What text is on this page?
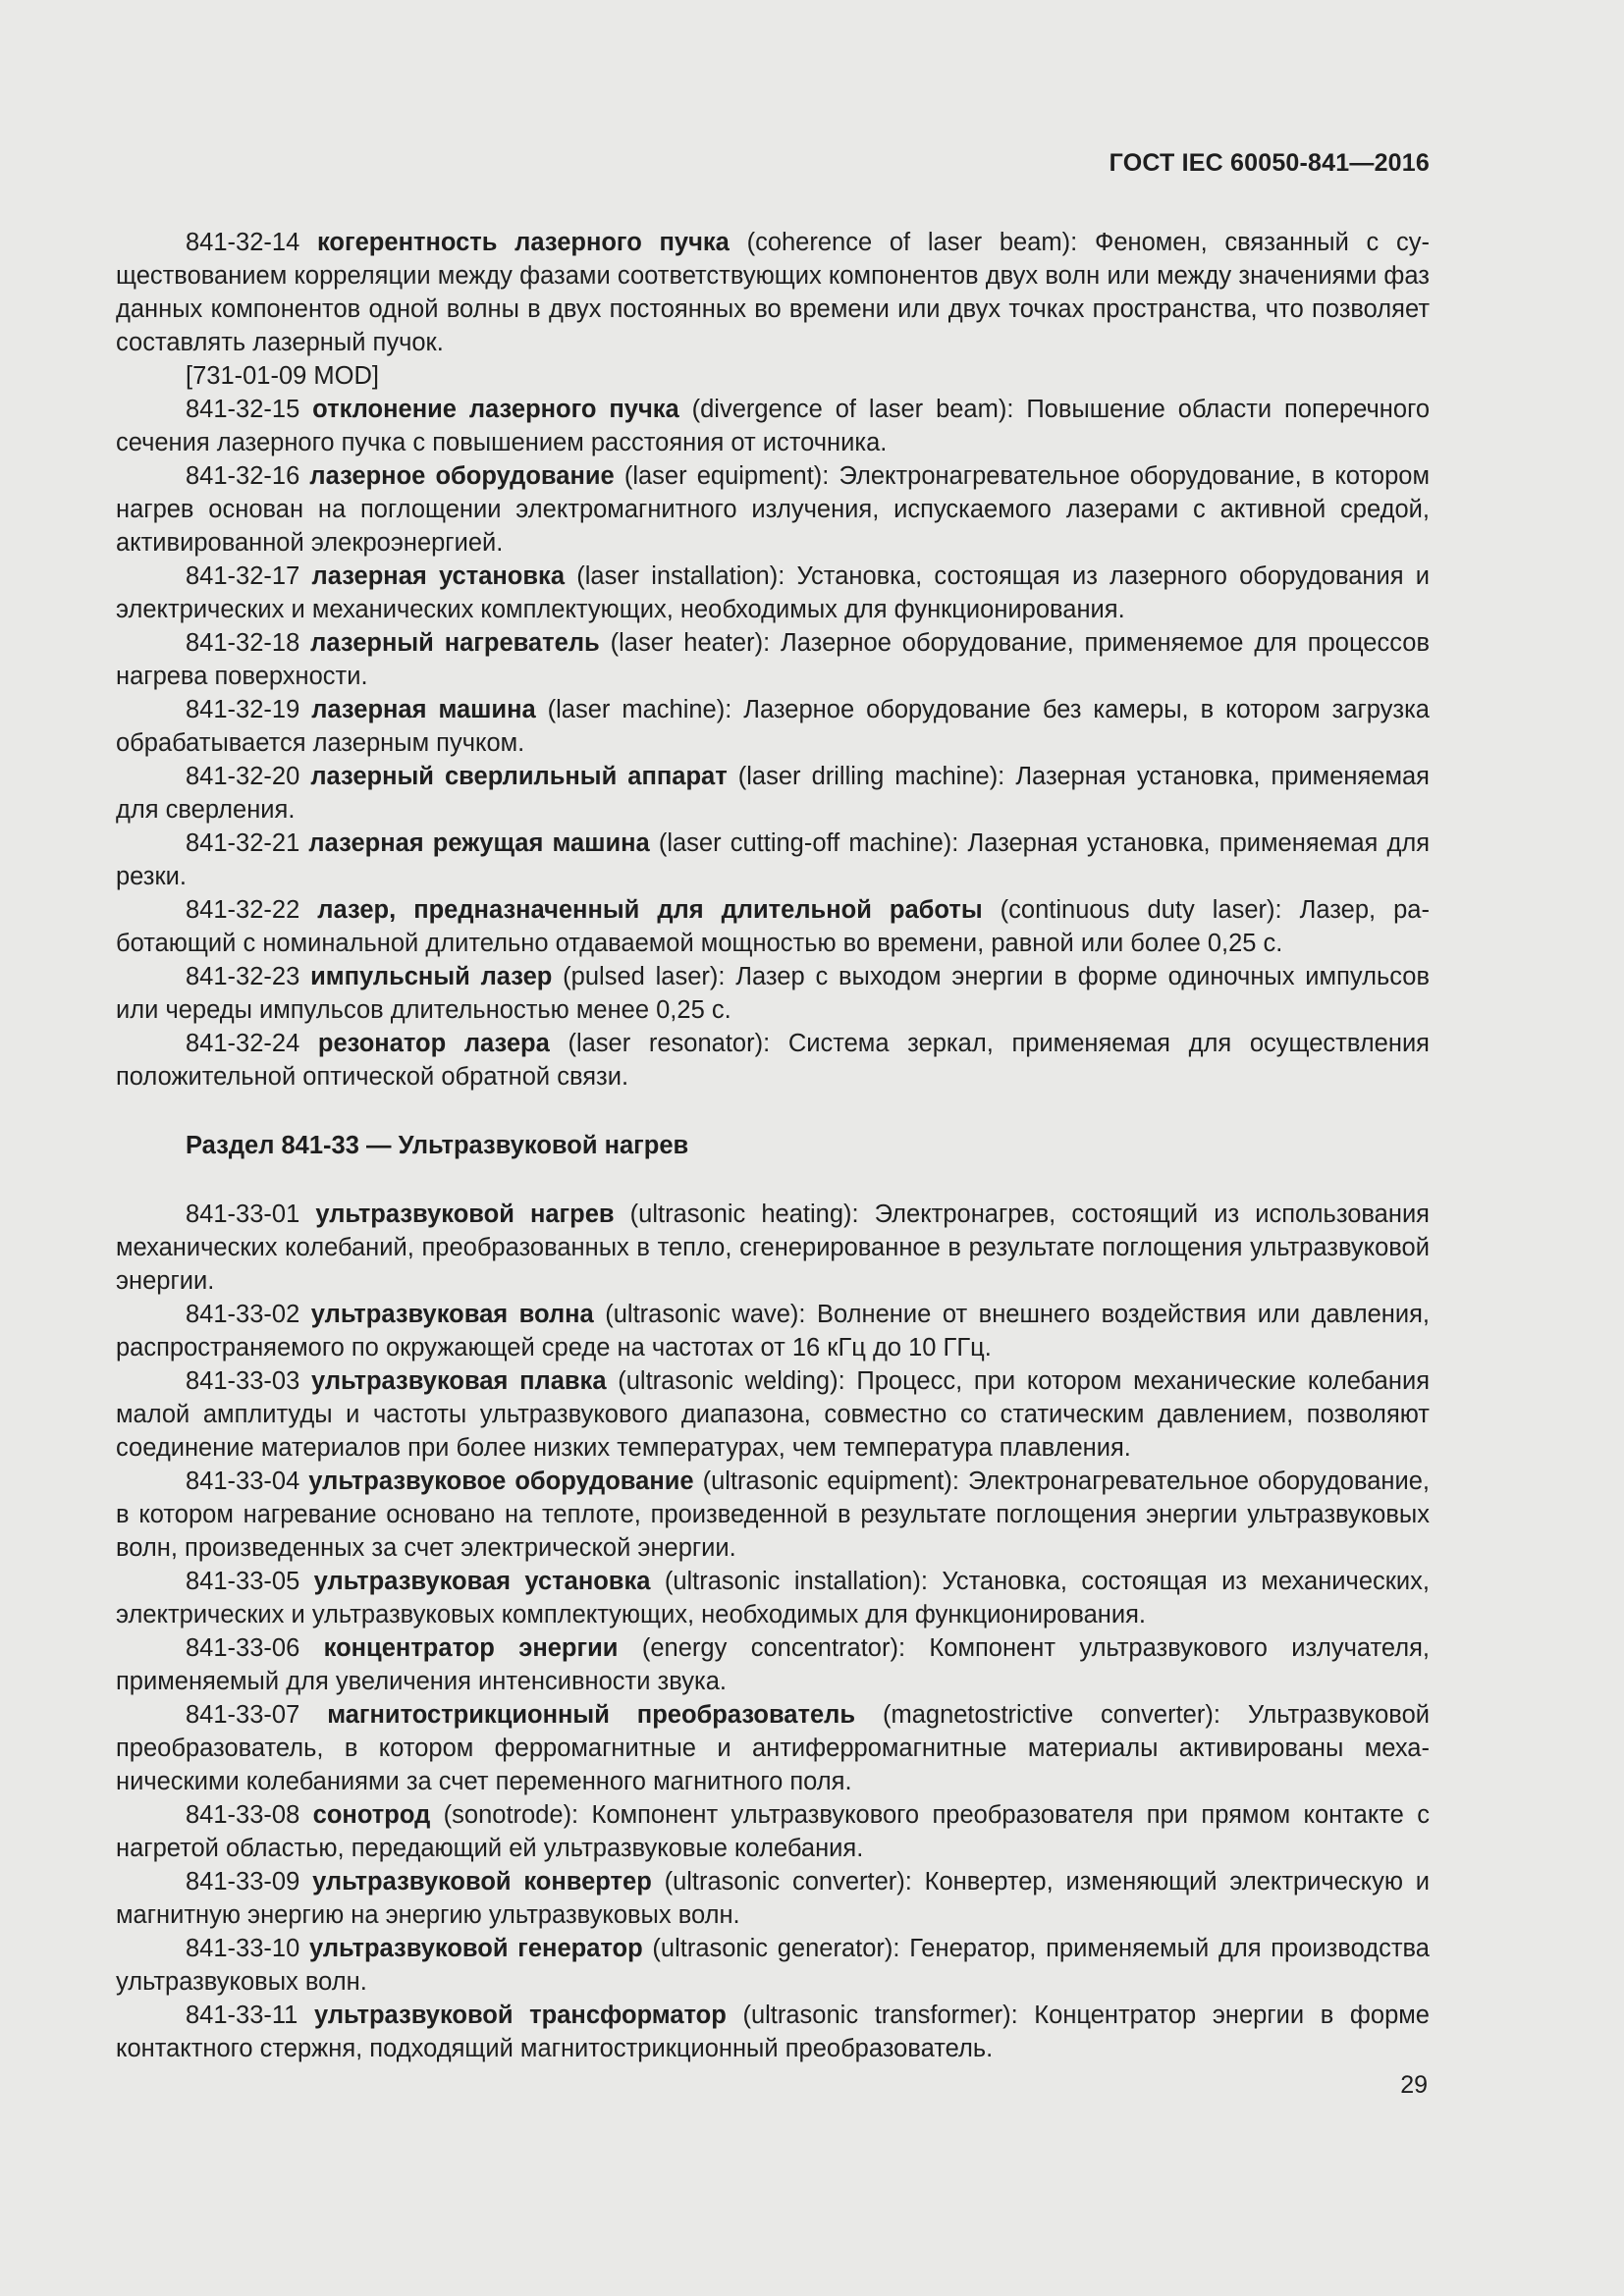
ГОСТ IEC 60050-841—2016

841-32-14 когерентность лазерного пучка (coherence of laser beam): Феномен, связанный с существованием корреляции между фазами соответствующих компонентов двух волн или между значениями фаз данных компонентов одной волны в двух постоянных во времени или двух точках пространства, что позволяет составлять лазерный пучок.

[731-01-09 MOD]

841-32-15 отклонение лазерного пучка (divergence of laser beam): Повышение области поперечного сечения лазерного пучка с повышением расстояния от источника.

841-32-16 лазерное оборудование (laser equipment): Электронагревательное оборудование, в котором нагрев основан на поглощении электромагнитного излучения, испускаемого лазерами с активной средой, активированной элекроэнергией.

841-32-17 лазерная установка (laser installation): Установка, состоящая из лазерного оборудования и электрических и механических комплектующих, необходимых для функционирования.

841-32-18 лазерный нагреватель (laser heater): Лазерное оборудование, применяемое для процессов нагрева поверхности.

841-32-19 лазерная машина (laser machine): Лазерное оборудование без камеры, в котором загрузка обрабатывается лазерным пучком.

841-32-20 лазерный сверлильный аппарат (laser drilling machine): Лазерная установка, применяемая для сверления.

841-32-21 лазерная режущая машина (laser cutting-off machine): Лазерная установка, применяемая для резки.

841-32-22 лазер, предназначенный для длительной работы (continuous duty laser): Лазер, работающий с номинальной длительно отдаваемой мощностью во времени, равной или более 0,25 с.

841-32-23 импульсный лазер (pulsed laser): Лазер с выходом энергии в форме одиночных импульсов или череды импульсов длительностью менее 0,25 с.

841-32-24 резонатор лазера (laser resonator): Система зеркал, применяемая для осуществления положительной оптической обратной связи.

Раздел 841-33 — Ультразвуковой нагрев

841-33-01 ультразвуковой нагрев (ultrasonic heating): Электронагрев, состоящий из использования механических колебаний, преобразованных в тепло, сгенерированное в результате поглощения ультразвуковой энергии.

841-33-02 ультразвуковая волна (ultrasonic wave): Волнение от внешнего воздействия или давления, распространяемого по окружающей среде на частотах от 16 кГц до 10 ГГц.

841-33-03 ультразвуковая плавка (ultrasonic welding): Процесс, при котором механические колебания малой амплитуды и частоты ультразвукового диапазона, совместно со статическим давлением, позволяют соединение материалов при более низких температурах, чем температура плавления.

841-33-04 ультразвуковое оборудование (ultrasonic equipment): Электронагревательное оборудование, в котором нагревание основано на теплоте, произведенной в результате поглощения энергии ультразвуковых волн, произведенных за счет электрической энергии.

841-33-05 ультразвуковая установка (ultrasonic installation): Установка, состоящая из механических, электрических и ультразвуковых комплектующих, необходимых для функционирования.

841-33-06 концентратор энергии (energy concentrator): Компонент ультразвукового излучателя, применяемый для увеличения интенсивности звука.

841-33-07 магнитострикционный преобразователь (magnetostrictive converter): Ультразвуковой преобразователь, в котором ферромагнитные и антиферромагнитные материалы активированы механическими колебаниями за счет переменного магнитного поля.

841-33-08 сонотрод (sonotrode): Компонент ультразвукового преобразователя при прямом контакте с нагретой областью, передающий ей ультразвуковые колебания.

841-33-09 ультразвуковой конвертер (ultrasonic converter): Конвертер, изменяющий электрическую и магнитную энергию на энергию ультразвуковых волн.

841-33-10 ультразвуковой генератор (ultrasonic generator): Генератор, применяемый для производства ультразвуковых волн.

841-33-11 ультразвуковой трансформатор (ultrasonic transformer): Концентратор энергии в форме контактного стержня, подходящий магнитострикционный преобразователь.

29
